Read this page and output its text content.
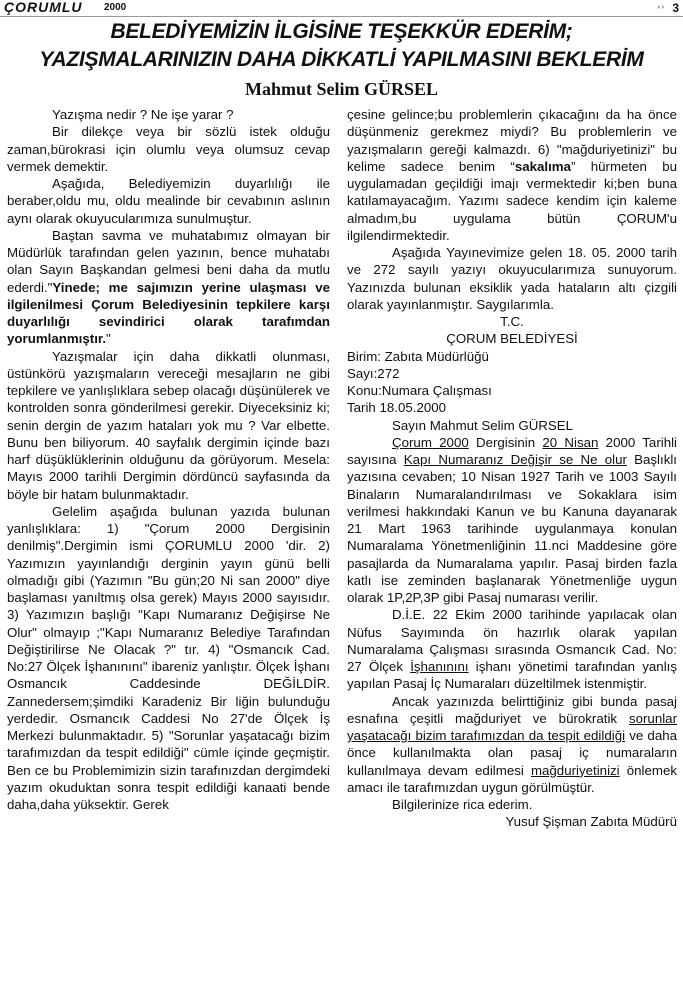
ÇORUMLU 2000	◖◗ 3
BELEDİYEMİZİN İLGİSİNE TEŞEKKÜR EDERİM;
YAZIŞMALARINIZIN DAHA DİKKATLİ YAPILMASINI BEKLERİM
Mahmut Selim GÜRSEL

Yazışma nedir ? Ne işe yarar ?

Bir dilekçe veya bir sözlü istek olduğu zaman,bürokrasi için olumlu veya olumsuz cevap vermek demektir.

Aşağıda, Belediyemizin duyarlılığı ile beraber,oldu mu, oldu mealinde bir cevabının aslının aynı olarak okuyucularımıza sunulmuştur.

Baştan savma ve muhatabımız olmayan bir Müdürlük tarafından gelen yazının, bence muhatabı olan Sayın Başkandan gelmesi beni daha da mutlu ederdi."Yinede; me sajımızın yerine ulaşması ve ilgilenilmesi Çorum Belediyesinin tepkilere karşı duyarlılığı sevindirici olarak tarafımdan yorumlanmıştır."

Yazışmalar için daha dikkatli olunması, üstünkörü yazışmaların vereceği mesajların ne gibi tepkilere ve yanlışlıklara sebep olacağı düşünülerek ve kontrolden sonra gönderilmesi gerekir. Diyeceksiniz ki; senin dergin de yazım hataları yok mu ? Var elbette. Bunu ben biliyorum. 40 sayfalık dergimin içinde bazı harf düşüklüklerinin olduğunu da görüyorum. Mesela: Mayıs 2000 tarihli Dergimin dördüncü sayfasında da böyle bir hatam bulunmaktadır.

Gelelim aşağıda bulunan yazıda bulunan yanlışlıklara: 1) "Çorum 2000 Dergisinin denilmiş".Dergimin ismi ÇORUMLU 2000 'dir. 2) Yazımızın yayınlandığı derginin yayın günü belli olmadığı gibi (Yazımın "Bu gün;20 Ni san 2000" diye başlaması yanıltmış olsa gerek) Mayıs 2000 sayısıdır. 3) Yazımızın başlığı "Kapı Numaranız Değişirse Ne Olur" olmayıp ;"Kapı Numaranız Belediye Tarafından Değiştirilirse Ne Olacak ?" tır. 4) "Osmancık Cad. No:27 Ölçek İşhanınını" ibareniz yanlıştır. Ölçek İşhanı Osmancık Caddesinde DEĞİLDİR. Zannedersem;şimdiki Karadeniz Bir liğin bulunduğu yerdedir. Osmancık Caddesi No 27'de Ölçek İş Merkezi bulunmaktadır. 5) "Sorunlar yaşatacağı bizim tarafımızdan da tespit edildiği" cümle içinde geçmiştir. Ben ce bu Problemimizin sizin tarafınızdan dergimdeki yazım okuduktan sonra tespit edildiği kanaati bende daha,daha yüksektir. Gerek

çesine gelince;bu problemlerin çıkacağını da ha önce düşünmeniz gerekmez miydi? Bu problemlerin ve yazışmaların gereği kalmazdı. 6) "mağduriyetinizi" bu kelime sadece benim “sakalıma” hürmeten bu uygulamadan geçildiği imajı vermektedir ki;ben buna katılamayacağım. Yazımı sadece kendim için kaleme almadım,bu uygulama bütün ÇORUM'u ilgilendirmektedir.

Aşağıda Yayınevimize gelen 18. 05. 2000 tarih ve 272 sayılı yazıyı okuyucularımıza sunuyorum. Yazınızda bulunan eksiklik yada hataların altı çizgili olarak yayınlanmıştır. Saygılarımla.

T.C.

ÇORUM BELEDİYESİ

Birim: Zabıta Müdürlüğü

Sayı:272

Konu:Numara Çalışması

Tarih 18.05.2000

Sayın Mahmut Selim GÜRSEL

Çorum 2000 Dergisinin 20 Nisan 2000 Tarihli sayısına Kapı Numaranız Değişir se Ne olur Başlıklı yazısına cevaben; 10 Nisan 1927 Tarih ve 1003 Sayılı Binaların Numaralandırılması ve Sokaklara isim verilmesi hakkındaki Kanun ve bu Kanuna dayanarak 21 Mart 1963 tarihinde uygulanmaya konulan Numaralama Yönetmenliğinin 11.nci Maddesine göre pasajlarda da Numaralama yapılır. Pasaj birden fazla katlı ise zeminden başlanarak Yönetmenliğe uygun olarak 1P,2P,3P gibi Pasaj numarası verilir.

D.İ.E. 22 Ekim 2000 tarihinde yapılacak olan Nüfus Sayımında ön hazırlık olarak yapılan Numaralama Çalışması sırasında Osmancık Cad. No: 27 Ölçek İşhanınını işhanı yönetimi tarafından yanlış yapılan Pasaj İç Numaraları düzeltilmek istenmiştir.

Ancak yazınızda belirttiğiniz gibi bunda pasaj esnafına çeşitli mağduriyet ve bürokratik sorunlar yaşatacağı bizim tarafımızdan da tespit edildiği ve daha önce kullanılmakta olan pasaj iç numaraların kullanılmaya devam edilmesi mağduriyetinizi önlemek amacı ile tarafımızdan uygun görülmüştür.

Bilgilerinize rica ederim.

Yusuf Şişman Zabıta Müdürü
